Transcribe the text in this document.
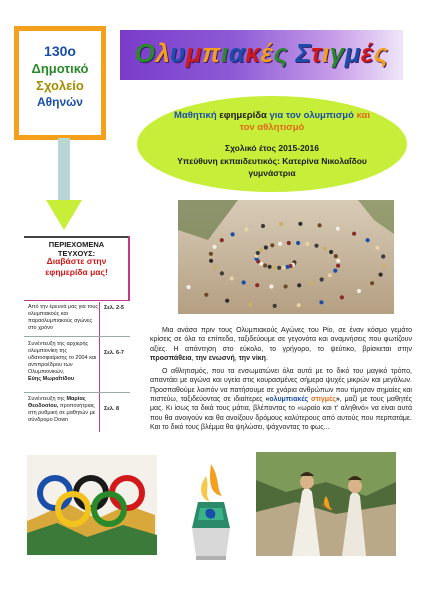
130ο
Δημοτικό
Σχολείο
Αθηνών
Ολυμπιακές Στιγμές
Μαθητική εφημερίδα για τον ολυμπισμό και
τον αθλητισμό
Σχολικό έτος 2015-2016
Υπεύθυνη εκπαιδευτικός: Κατερίνα Νικολαΐδου
γυμνάστρια
ΠΕΡΙΕΧΟΜΕΝΑ
ΤΕΥΧΟΥΣ:
Διαβάστε στην
εφημερίδα μας!
Από την έρευνά μας για τους ολυμπιακούς και παραολυμπιακούς αγώνες στο χρόνο
Σελ. 2-5
Συνέντευξη της αρχιερής ολυμπιονίκη της υδατοσφαίρισης το 2004 και αντιπροέδρου των Ολυμπιονικών,
Εύης Μωραΐτίδου
Σελ. 6-7
Συνέντευξη της Μαρίας Θεοδοσίου, προπονήτριας στη ρυθμική σε μαθητών με σύνδρομο Down
Σελ. 8

Μια ανάσα πριν τους Ολυμπιακούς Αγώνες του Ρίο, σε έναν κόσμο γεμάτο κρίσεις σε όλα τα επίπεδα, ταξιδεύουμε σε γεγονότα και αναμνήσεις που φωτίζουν αξίες. Η απάντηση στο εύκολο, το γρήγορο, το ψεύτικο, βρίσκεται στην προσπάθεια, την ενωσνή, την νίκη.

Ο αθλητισμός, που τα ενσωματώνει όλα αυτά με το δικό του μαγικό τρόπο, απαντάει με αγώνα και υγεία στις κουρασμένες σήμερα ψυχές μικρών και μεγάλων. Προσπαθούμε λοιπόν να πατήσουμε σε χνάρια ανθρώπων που τίμησαν σημαίες και πιστεύω, ταξιδεύοντας σε ιδιαίτερες «ολυμπιακές στιγμές», μαζί με τους μαθητές μας. Κι ίσως τα δικά τους μάτια, βλέποντας το «ωραίο και τ' αληθινό» να είναι αυτά που θα ανοιγούν και θα ανοίξουν δρόμους καλύτερους από αυτούς που περπατάμε. Και το δικό τους βλέμμα θα ψηλώσει, ψάχνοντας το φως...
